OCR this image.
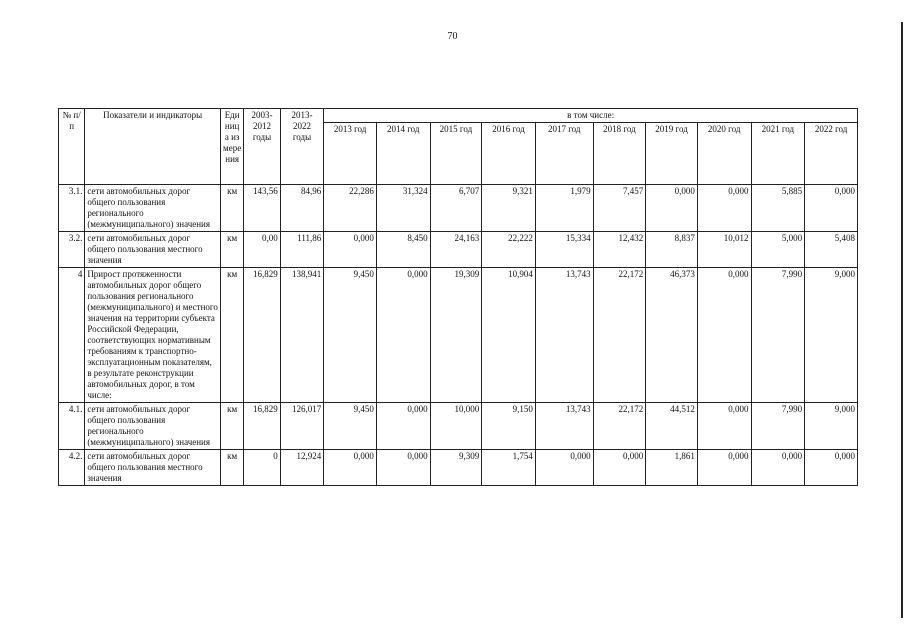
70
№ п/п	Показатели и индикаторы	Единица измерения	2003-2012 годы	2013-2022 годы	в том числе:									
					2013 год	2014 год	2015 год	2016 год	2017 год	2018 год	2019 год	2020 год	2021 год	2022 год
3.1.	сети автомобильных дорог общего пользования регионального (межмуниципального) значения	км	143,56	84,96	22,286	31,324	6,707	9,321	1,979	7,457	0,000	0,000	5,885	0,000
3.2.	сети автомобильных дорог общего пользования местного значения	км	0,00	111,86	0,000	8,450	24,163	22,222	15,334	12,432	8,837	10,012	5,000	5,408
4	Прирост протяженности автомобильных дорог общего пользования регионального (межмуниципального) и местного значения на территории субъекта Российской Федерации, соответствующих нормативным требованиям к транспортно-эксплуатационным показателям, в результате реконструкции автомобильных дорог, в том числе:	км	16,829	138,941	9,450	0,000	19,309	10,904	13,743	22,172	46,373	0,000	7,990	9,000
4.1.	сети автомобильных дорог общего пользования регионального (межмуниципального) значения	км	16,829	126,017	9,450	0,000	10,000	9,150	13,743	22,172	44,512	0,000	7,990	9,000
4.2.	сети автомобильных дорог общего пользования местного значения	км	0	12,924	0,000	0,000	9,309	1,754	0,000	0,000	1,861	0,000	0,000	0,000
